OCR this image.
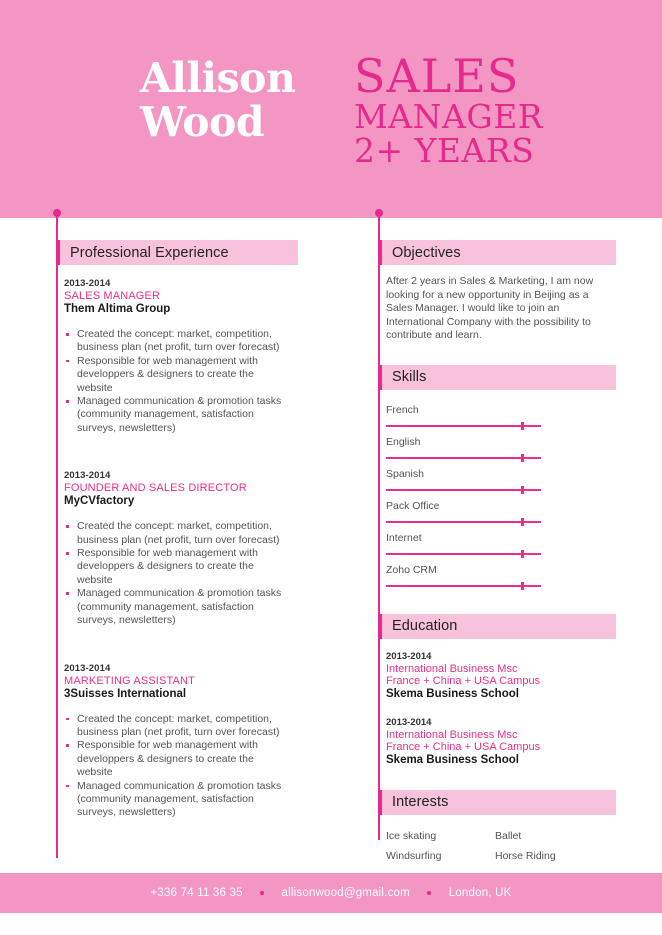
Allison
Wood
SALES
MANAGER
2+ YEARS
Professional Experience
2013-2014
SALES MANAGER
Them Altima Group
Created the concept: market, competition, business plan (net profit, turn over forecast)
Responsible for web management with developpers & designers to create the website
Managed communication & promotion tasks (community management, satisfaction surveys, newsletters)
2013-2014
FOUNDER AND SALES DIRECTOR
MyCVfactory
Created the concept: market, competition, business plan (net profit, turn over forecast)
Responsible for web management with developpers & designers to create the website
Managed communication & promotion tasks (community management, satisfaction surveys, newsletters)
2013-2014
MARKETING ASSISTANT
3Suisses International
Created the concept: market, competition, business plan (net profit, turn over forecast)
Responsible for web management with developpers & designers to create the website
Managed communication & promotion tasks (community management, satisfaction surveys, newsletters)
Objectives
After 2 years in Sales & Marketing, I am now looking for a new opportunity in Beijing as a Sales Manager. I would like to join an International Company with the possibility to contribute and learn.
Skills
French
English
Spanish
Pack Office
Internet
Zoho CRM
Education
2013-2014
International Business Msc
France + China + USA Campus
Skema Business School
2013-2014
International Business Msc
France + China + USA Campus
Skema Business School
Interests
Ice skating	Ballet
Windsurfing	Horse Riding
+336 74 11 36 35	allisonwood@gmail.com	London, UK
